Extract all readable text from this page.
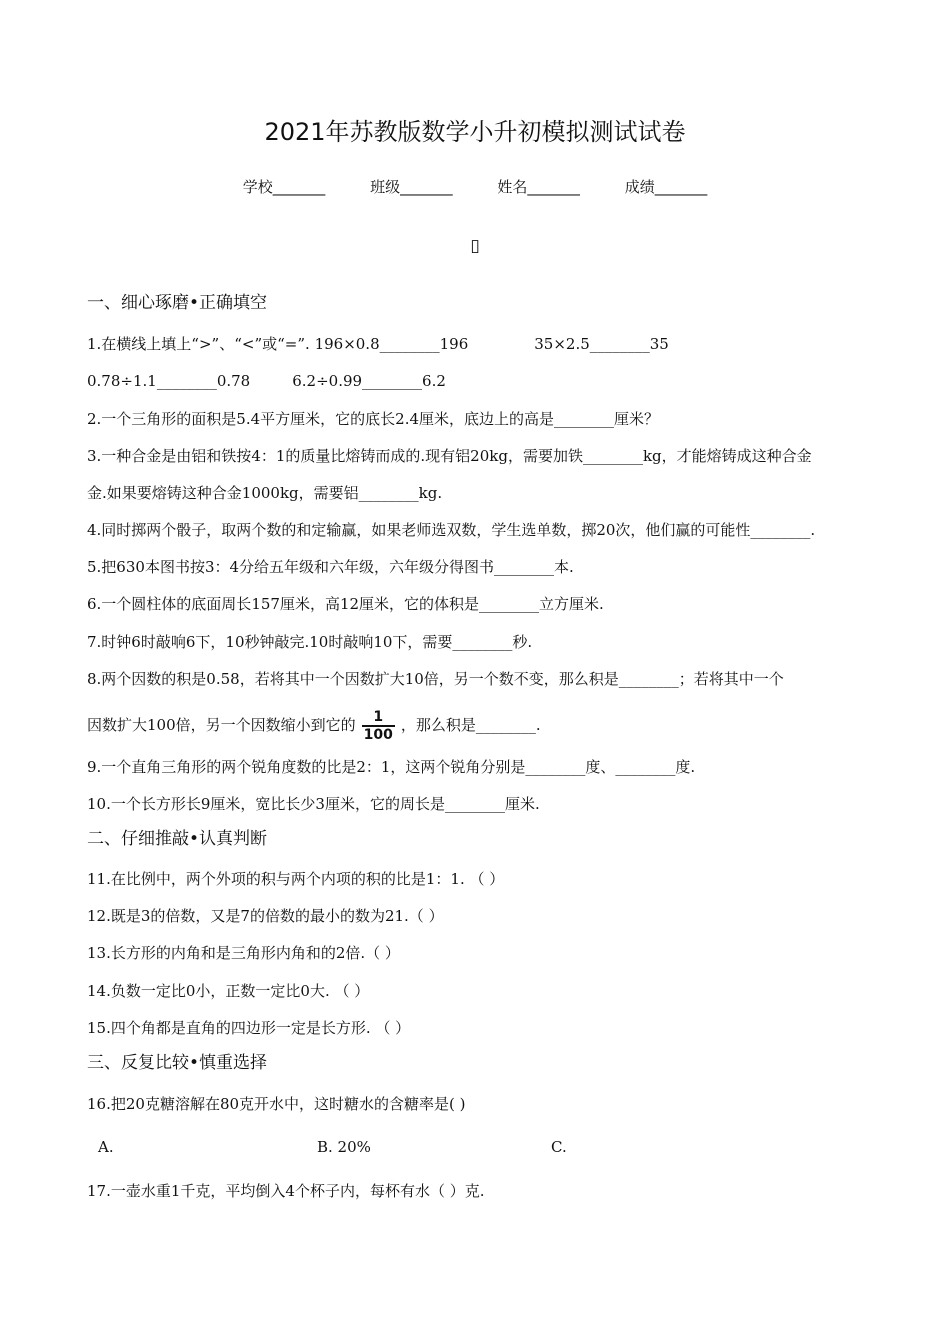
2021年苏教版数学小升初模拟测试试卷
学校_______	班级_______	姓名_______	成绩_______
▯
一、细心琢磨•正确填空
1.在横线上填上“>”、“<”或“=”. 196×0.8________196	35×2.5________35
0.78÷1.1________0.78	6.2÷0.99________6.2
2.一个三角形的面积是5.4平方厘米，它的底长2.4厘米，底边上的高是________厘米？
3.一种合金是由铝和铁按4：1的质量比熔铸而成的.现有铝20kg，需要加铁________kg，才能熔铸成这种合金
金.如果要熔铸这种合金1000kg，需要铝________kg.
4.同时掷两个骰子，取两个数的和定输赢，如果老师选双数，学生选单数，掷20次，他们赢的可能性________.
5.把630本图书按3：4分给五年级和六年级，六年级分得图书________本.
6.一个圆柱体的底面周长157厘米，高12厘米，它的体积是________立方厘米.
7.时钟6时敲响6下，10秒钟敲完.10时敲响10下，需要________秒.
8.两个因数的积是0.58，若将其中一个因数扩大10倍，另一个数不变，那么积是________；若将其中一个
因数扩大100倍，另一个因数缩小到它的 $\frac{1}{100}$ ，那么积是________.
9.一个直角三角形的两个锐角度数的比是2：1，这两个锐角分别是________度、________度.
10.一个长方形长9厘米，宽比长少3厘米，它的周长是________厘米.
二、仔细推敲•认真判断
11.在比例中，两个外项的积与两个内项的积的比是1：1. （ ）
12.既是3的倍数，又是7的倍数的最小的数为21.（ ）
13.长方形的内角和是三角形内角和的2倍.（ ）
14.负数一定比0小，正数一定比0大. （ ）
15.四个角都是直角的四边形一定是长方形. （ ）
三、反复比较•慎重选择
16.把20克糖溶解在80克开水中，这时糖水的含糖率是( )
A.	B. 20%	C.
17.一壶水重1千克，平均倒入4个杯子内，每杯有水（ ）克.
